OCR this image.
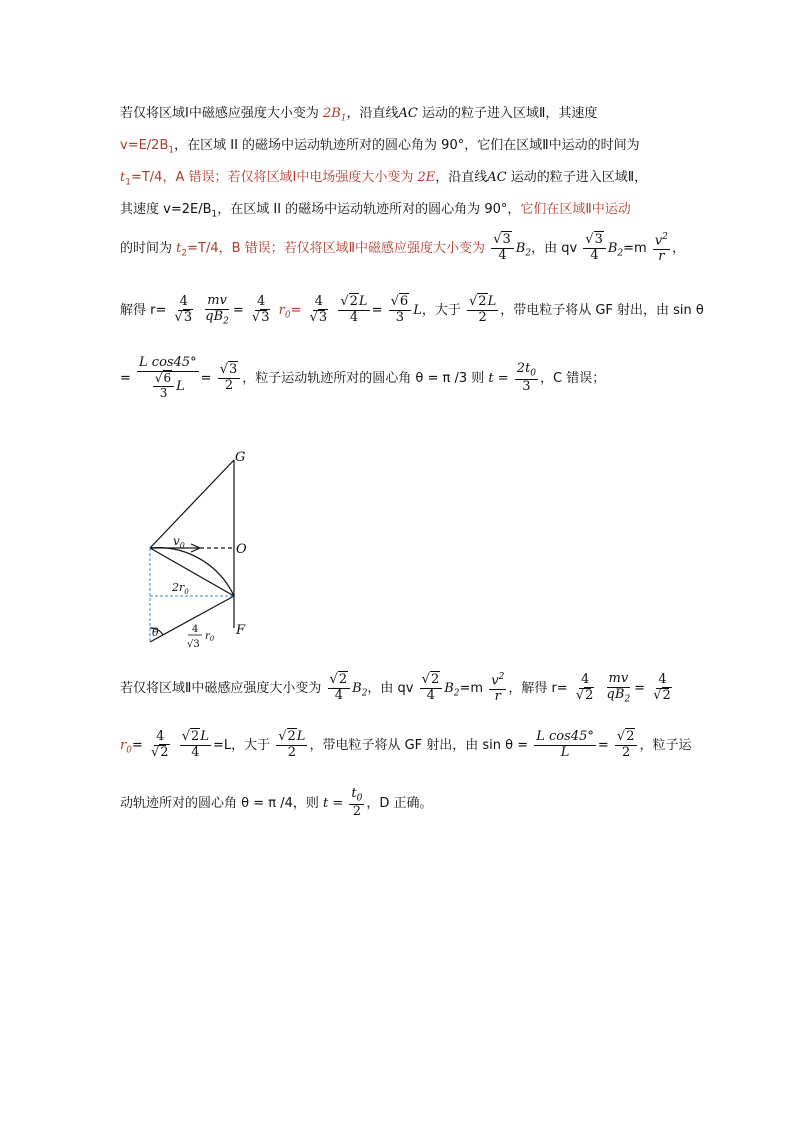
若仅将区域Ⅰ中磁感应强度大小变为 $2B_1$，沿直线AC 运动的粒子进入区域Ⅱ，其速度
$v=E/2B_1$，在区域 II 的磁场中运动轨迹所对的圆心角为 90°，它们在区域Ⅱ中运动的时间为
$t_1=T/4$，A 错误；若仅将区域Ⅰ中电场强度大小变为 2E，沿直线AC 运动的粒子进入区域Ⅱ，
其速度 $v=2E/B_1$，在区域 II 的磁场中运动轨迹所对的圆心角为 90°，它们在区域Ⅱ中运动
的时间为 $t_2=T/4$，B 错误；若仅将区域Ⅱ中磁感应强度大小变为 $\frac{√3}{4} B_2$，由 qv $\frac{√3}{4} B_2=m \frac{v^2}{r}$ ，
解得 $r= \frac{4}{√3}$
$\frac{mv}{qB_2} = \frac{4}{√3} r_0= \frac{4}{√3}$
$\frac{√2L}{4} = \frac{√6}{3}$ L，大于 $\frac{√2L}{2}$ ，带电粒子将从 GF 射出，由 sin θ
= $\frac{\text{L cos45°}}{\frac{√6}{3} L} = \frac{√3}{2}$ ，粒子运动轨迹所对的圆心角 θ = π /3 则 $t = \frac{2t_0}{3}$ ，C 错误；
G
O
F
$v_0$
$2r_0$
θ	4
√3
$r_0$
若仅将区域Ⅱ中磁感应强度大小变为 $\frac{√2}{4} B_2$，由 qv $\frac{√2}{4} B_2=m \frac{v^2}{r}$ ，解得 $r= \frac{4}{√2}$
$\frac{mv}{qB_2} = \frac{4}{√2}$
$r_0= \frac{4}{√2}$
$\frac{√2L}{4} =L$，大于 $\frac{√2L}{2}$ ，带电粒子将从 GF 射出，由 $\sin \theta = \frac{\text{L cos45°}}{L} = \frac{√2}{2}$ ，粒子运
动轨迹所对的圆心角 θ = π /4，则 $t = \frac{t_0}{2}$ ，D 正确。
